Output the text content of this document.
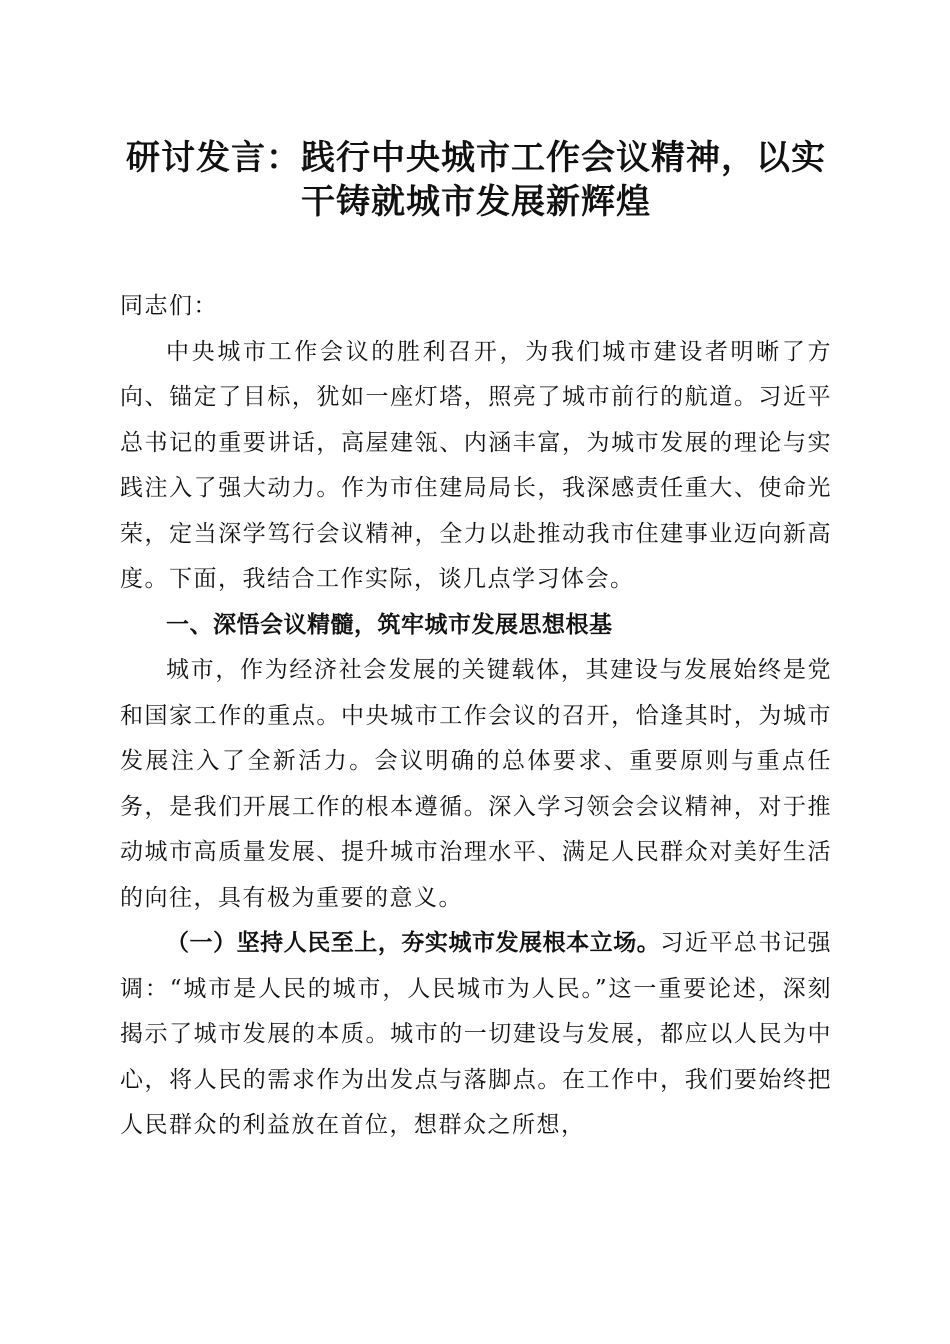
研讨发言：践行中央城市工作会议精神，以实
干铸就城市发展新辉煌

同志们：

中央城市工作会议的胜利召开，为我们城市建设者明晰了方向、锚定了目标，犹如一座灯塔，照亮了城市前行的航道。习近平总书记的重要讲话，高屋建瓴、内涵丰富，为城市发展的理论与实践注入了强大动力。作为市住建局局长，我深感责任重大、使命光荣，定当深学笃行会议精神，全力以赴推动我市住建事业迈向新高度。下面，我结合工作实际，谈几点学习体会。

一、深悟会议精髓，筑牢城市发展思想根基

城市，作为经济社会发展的关键载体，其建设与发展始终是党和国家工作的重点。中央城市工作会议的召开，恰逢其时，为城市发展注入了全新活力。会议明确的总体要求、重要原则与重点任务，是我们开展工作的根本遵循。深入学习领会会议精神，对于推动城市高质量发展、提升城市治理水平、满足人民群众对美好生活的向往，具有极为重要的意义。

（一）坚持人民至上，夯实城市发展根本立场。习近平总书记强调：“城市是人民的城市，人民城市为人民。”这一重要论述，深刻揭示了城市发展的本质。城市的一切建设与发展，都应以人民为中心，将人民的需求作为出发点与落脚点。在工作中，我们要始终把人民群众的利益放在首位，想群众之所想，
